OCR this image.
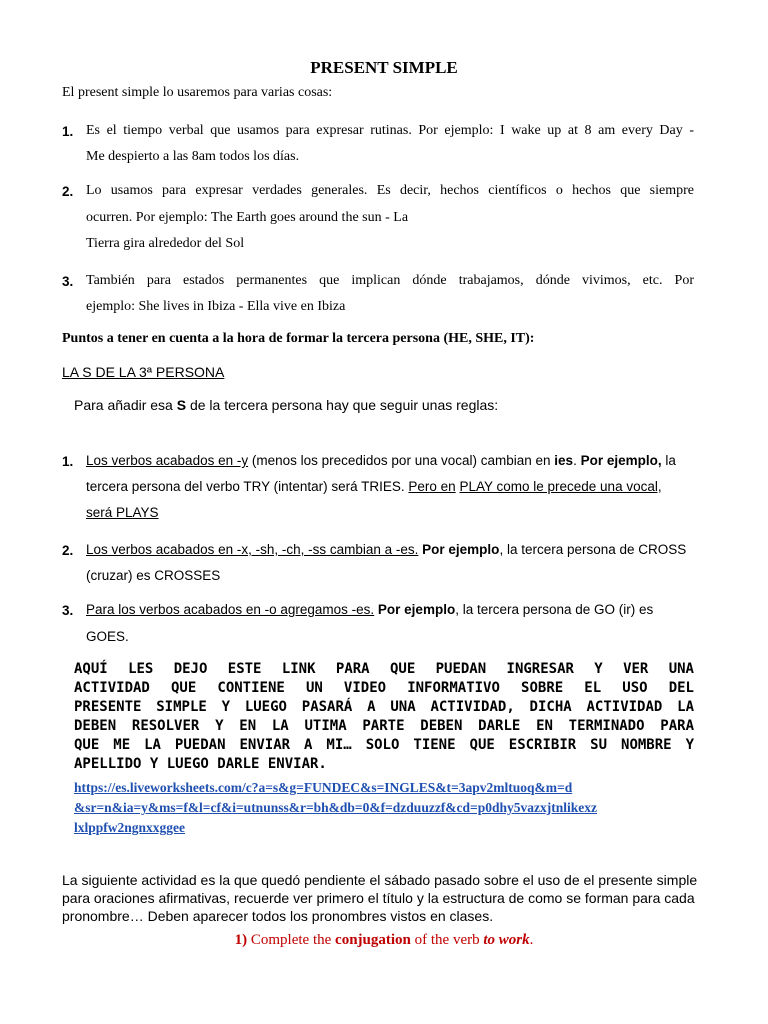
PRESENT SIMPLE
El present simple lo usaremos para varias cosas:
1. Es el tiempo verbal que usamos para expresar rutinas. Por ejemplo: I wake up at 8 am every Day -
Me despierto a las 8am todos los días.
2. Lo usamos para expresar verdades generales. Es decir, hechos científicos o hechos que siempre
ocurren. Por ejemplo: The Earth goes around the sun - La
Tierra gira alrededor del Sol
3. También para estados permanentes que implican dónde trabajamos, dónde vivimos, etc. Por
ejemplo: She lives in Ibiza - Ella vive en Ibiza
Puntos a tener en cuenta a la hora de formar la tercera persona (HE, SHE, IT):
LA S DE LA 3ª PERSONA
Para añadir esa S de la tercera persona hay que seguir unas reglas:
1. Los verbos acabados en -y (menos los precedidos por una vocal) cambian en ies. Por ejemplo, la
tercera persona del verbo TRY (intentar) será TRIES. Pero en PLAY como le precede una vocal,
será PLAYS
2. Los verbos acabados en -x, -sh, -ch, -ss cambian a -es. Por ejemplo, la tercera persona de CROSS
(cruzar) es CROSSES
3. Para los verbos acabados en -o agregamos -es. Por ejemplo, la tercera persona de GO (ir) es
GOES.
AQUÍ LES DEJO ESTE LINK PARA QUE PUEDAN INGRESAR Y VER UNA
ACTIVIDAD QUE CONTIENE UN VIDEO INFORMATIVO SOBRE EL USO DEL
PRESENTE SIMPLE Y LUEGO PASARÁ A UNA ACTIVIDAD, DICHA ACTIVIDAD LA
DEBEN RESOLVER Y EN LA UTIMA PARTE DEBEN DARLE EN TERMINADO PARA
QUE ME LA PUEDAN ENVIAR A MI… SOLO TIENE QUE ESCRIBIR SU NOMBRE Y
APELLIDO Y LUEGO DARLE ENVIAR.
https://es.liveworksheets.com/c?a=s&g=FUNDEC&s=INGLES&t=3apv2mltuoq&m=d
&sr=n&ia=y&ms=f&l=cf&i=utnunss&r=bh&db=0&f=dzduuzzf&cd=p0dhy5vazxjtnlikexz
lxlppfw2ngnxxggee
La siguiente actividad es la que quedó pendiente el sábado pasado sobre el uso de el presente simple
para oraciones afirmativas, recuerde ver primero el título y la estructura de como se forman para cada
pronombre… Deben aparecer todos los pronombres vistos en clases.
1) Complete the conjugation of the verb to work.
